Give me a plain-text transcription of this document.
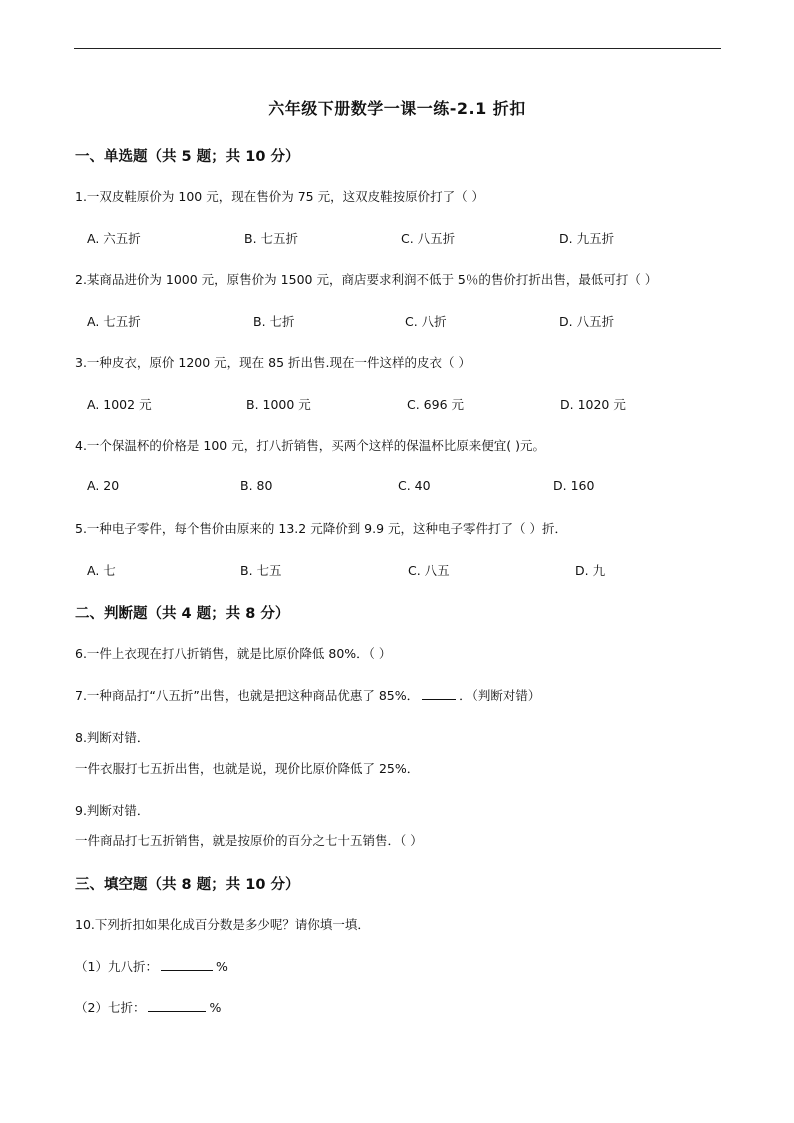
六年级下册数学一课一练-2.1 折扣
一、单选题（共 5 题；共 10 分）
1.一双皮鞋原价为 100 元，现在售价为 75 元，这双皮鞋按原价打了（ ）
A. 六五折	B. 七五折	C. 八五折	D. 九五折
2.某商品进价为 1000 元，原售价为 1500 元，商店要求利润不低于 5％的售价打折出售，最低可打（ ）
A. 七五折	B. 七折	C. 八折	D. 八五折
3.一种皮衣，原价 1200 元，现在 85 折出售.现在一件这样的皮衣（ ）
A. 1002 元	B. 1000 元	C. 696 元	D. 1020 元
4.一个保温杯的价格是 100 元，打八折销售，买两个这样的保温杯比原来便宜( )元。
A. 20	B. 80	C. 40	D. 160
5.一种电子零件，每个售价由原来的 13.2 元降价到 9.9 元，这种电子零件打了（ ）折．
A. 七	B. 七五	C. 八五	D. 九
二、判断题（共 4 题；共 8 分）
6.一件上衣现在打八折销售，就是比原价降低 80%．（ ）
7.一种商品打“八五折”出售，也就是把这种商品优惠了 85%．	．（判断对错）
8.判断对错．
一件衣服打七五折出售，也就是说，现价比原价降低了 25%．
9.判断对错．
一件商品打七五折销售，就是按原价的百分之七十五销售．（ ）
三、填空题（共 8 题；共 10 分）
10.下列折扣如果化成百分数是多少呢？请你填一填．
（1）九八折：	%
（2）七折：	%
